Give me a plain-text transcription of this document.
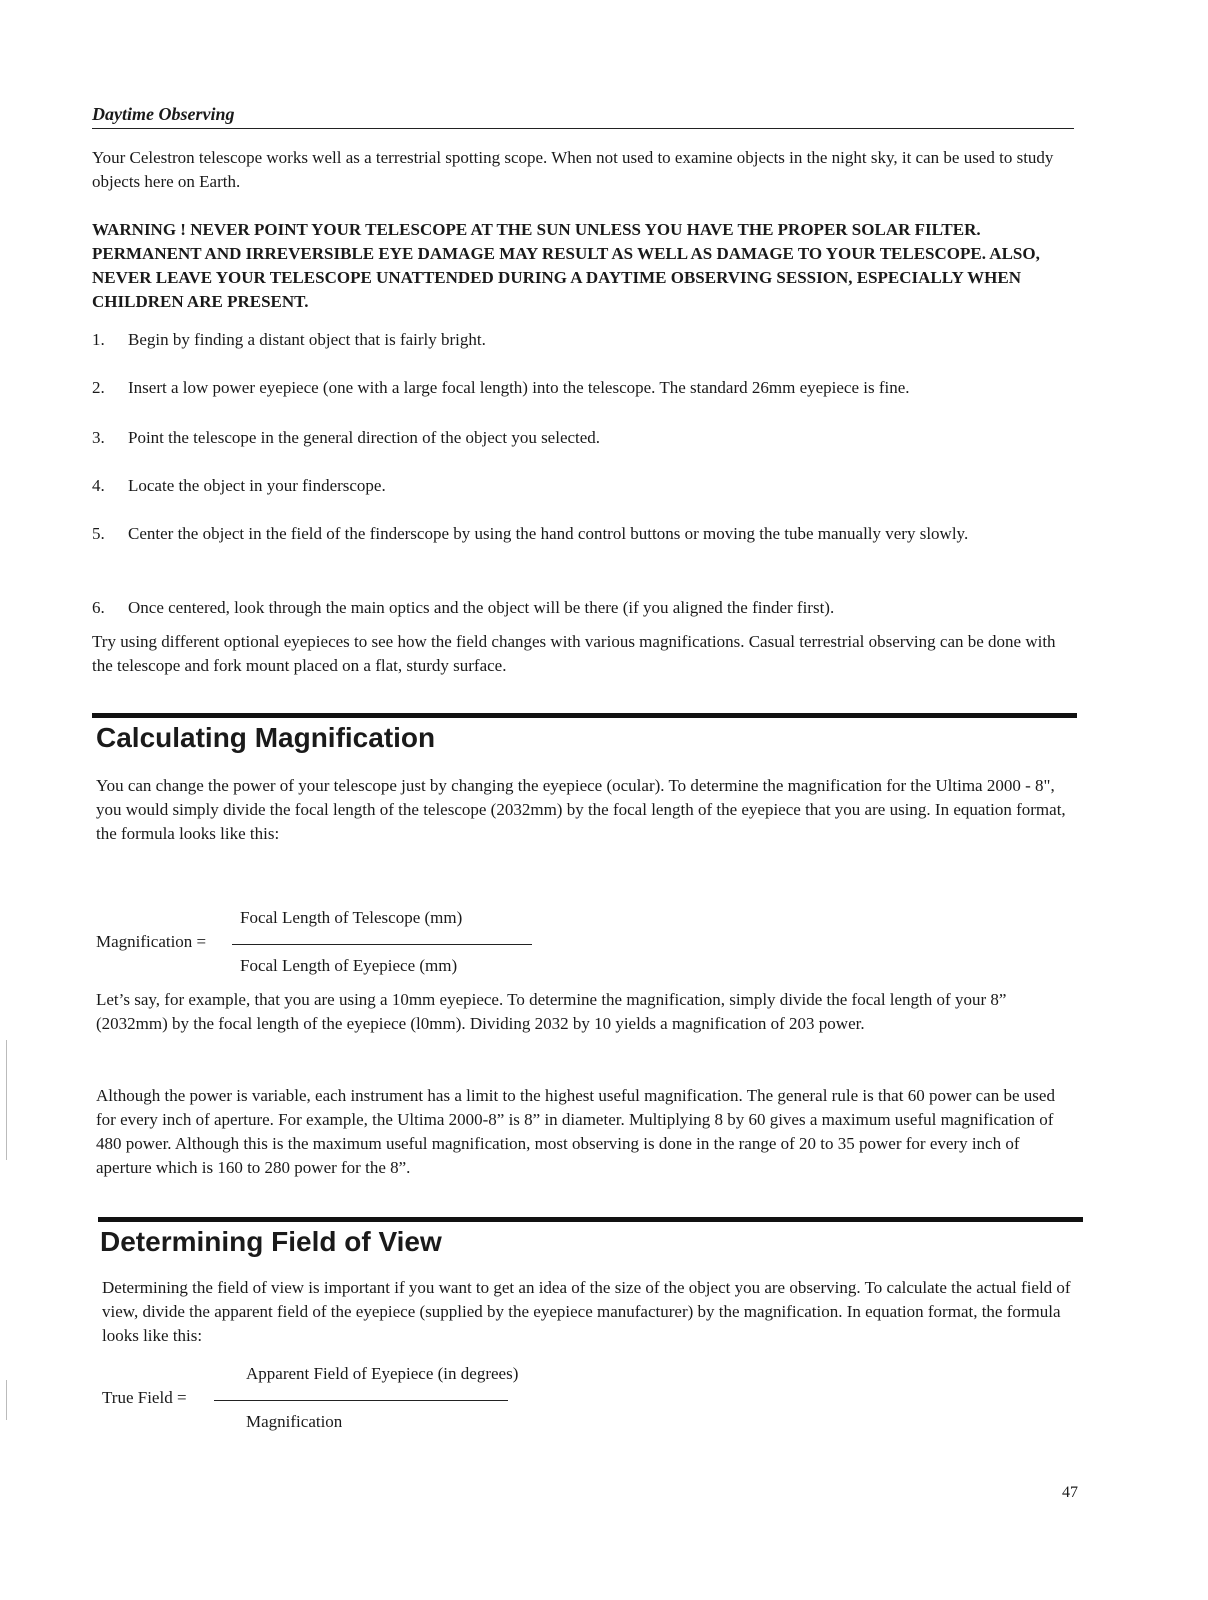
Daytime Observing
Your Celestron telescope works well as a terrestrial spotting scope. When not used to examine objects in the night sky, it can be used to study objects here on Earth.
WARNING ! NEVER POINT YOUR TELESCOPE AT THE SUN UNLESS YOU HAVE THE PROPER SOLAR FILTER. PERMANENT AND IRREVERSIBLE EYE DAMAGE MAY RESULT AS WELL AS DAMAGE TO YOUR TELESCOPE. ALSO, NEVER LEAVE YOUR TELESCOPE UNATTENDED DURING A DAYTIME OBSERVING SESSION, ESPECIALLY WHEN CHILDREN ARE PRESENT.
1.	Begin by finding a distant object that is fairly bright.
2.	Insert a low power eyepiece (one with a large focal length) into the telescope. The standard 26mm eyepiece is fine.
3.	Point the telescope in the general direction of the object you selected.
4.	Locate the object in your finderscope.
5.	Center the object in the field of the finderscope by using the hand control buttons or moving the tube manually very slowly.
6.	Once centered, look through the main optics and the object will be there (if you aligned the finder first).
Try using different optional eyepieces to see how the field changes with various magnifications. Casual terrestrial observing can be done with the telescope and fork mount placed on a flat, sturdy surface.
Calculating Magnification
You can change the power of your telescope just by changing the eyepiece (ocular). To determine the magnification for the Ultima 2000 - 8", you would simply divide the focal length of the telescope (2032mm) by the focal length of the eyepiece that you are using. In equation format, the formula looks like this:
Focal Length of Telescope (mm)
Magnification =
Focal Length of Eyepiece (mm)
Let’s say, for example, that you are using a 10mm eyepiece. To determine the magnification, simply divide the focal length of your 8” (2032mm) by the focal length of the eyepiece (l0mm). Dividing 2032 by 10 yields a magnification of 203 power.
Although the power is variable, each instrument has a limit to the highest useful magnification. The general rule is that 60 power can be used for every inch of aperture. For example, the Ultima 2000-8” is 8” in diameter. Multiplying 8 by 60 gives a maximum useful magnification of 480 power. Although this is the maximum useful magnification, most observing is done in the range of 20 to 35 power for every inch of aperture which is 160 to 280 power for the 8”.
Determining Field of View
Determining the field of view is important if you want to get an idea of the size of the object you are observing. To calculate the actual field of view, divide the apparent field of the eyepiece (supplied by the eyepiece manufacturer) by the magnification. In equation format, the formula looks like this:
Apparent Field of Eyepiece (in degrees)
True Field =
Magnification
47
